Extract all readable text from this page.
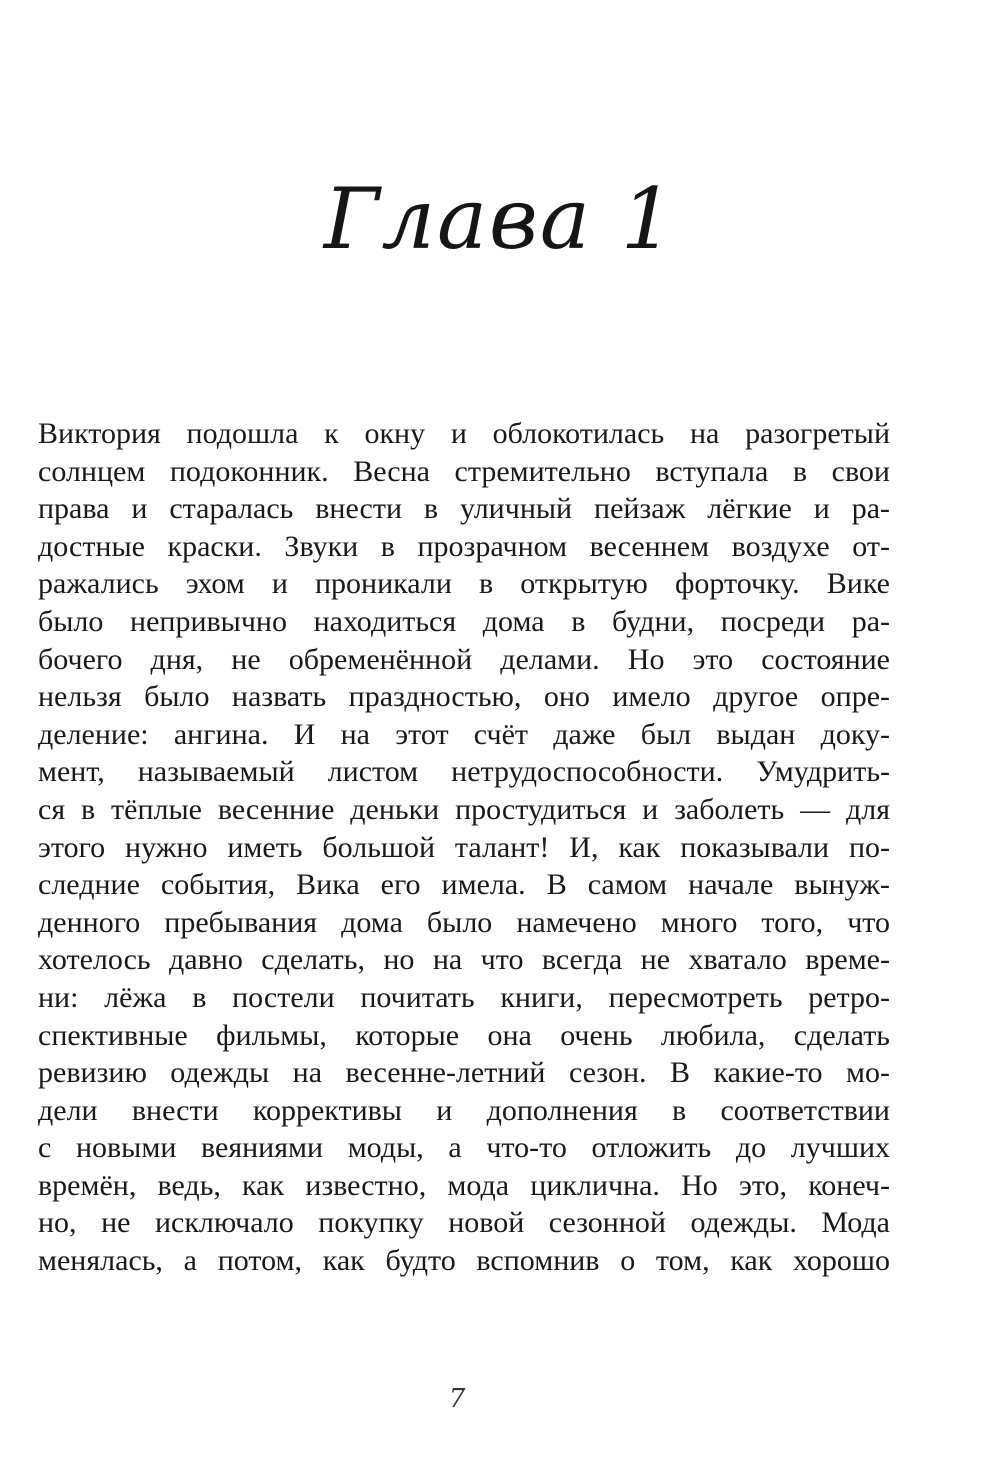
Глава 1
Виктория подошла к окну и облокотилась на разогретый
солнцем подоконник. Весна стремительно вступала в свои
права и старалась внести в уличный пейзаж лёгкие и ра-
достные краски. Звуки в прозрачном весеннем воздухе от-
ражались эхом и проникали в открытую форточку. Вике
было непривычно находиться дома в будни, посреди ра-
бочего дня, не обременённой делами. Но это состояние
нельзя было назвать праздностью, оно имело другое опре-
деление: ангина. И на этот счёт даже был выдан доку-
мент, называемый листом нетрудоспособности. Умудрить-
ся в тёплые весенние деньки простудиться и заболеть — для
этого нужно иметь большой талант! И, как показывали по-
следние события, Вика его имела. В самом начале вынуж-
денного пребывания дома было намечено много того, что
хотелось давно сделать, но на что всегда не хватало време-
ни: лёжа в постели почитать книги, пересмотреть ретро-
спективные фильмы, которые она очень любила, сделать
ревизию одежды на весенне-летний сезон. В какие-то мо-
дели внести коррективы и дополнения в соответствии
с новыми веяниями моды, а что-то отложить до лучших
времён, ведь, как известно, мода циклична. Но это, конеч-
но, не исключало покупку новой сезонной одежды. Мода
менялась, а потом, как будто вспомнив о том, как хорошо
7
